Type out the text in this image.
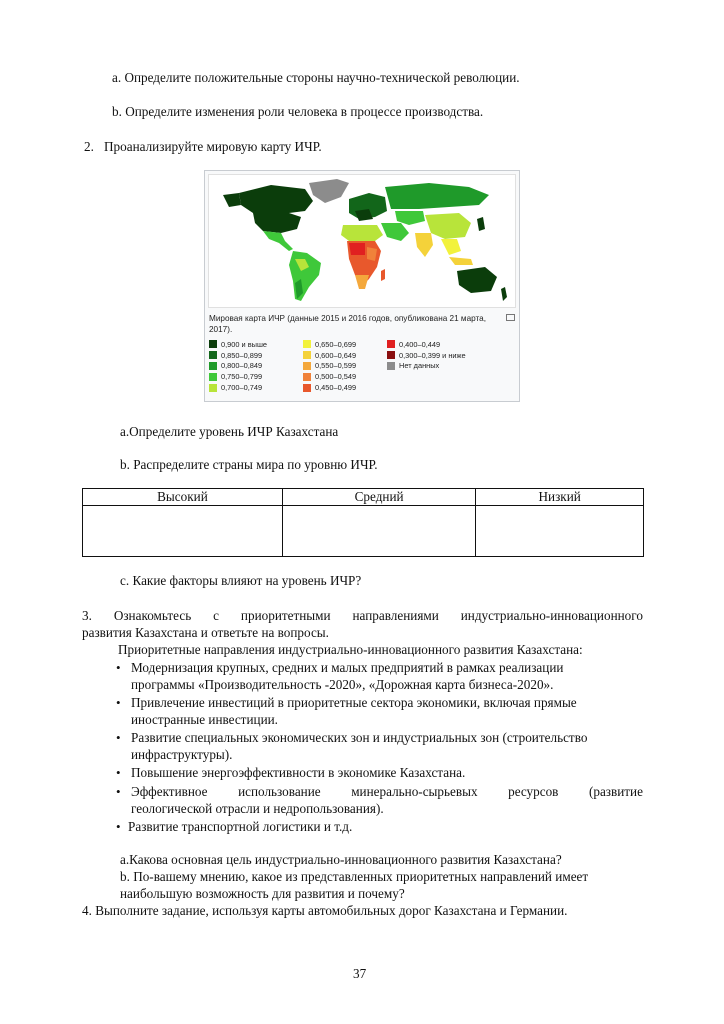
a. Определите положительные стороны научно-технической революции.
b. Определите изменения роли человека в процессе производства.
2. Проанализируйте мировую карту ИЧР.
Мировая карта ИЧР (данные 2015 и 2016 годов, опубликована 21 марта, 2017).
0,900 и выше
0,850–0,899
0,800–0,849
0,750–0,799
0,700–0,749
0,650–0,699
0,600–0,649
0,550–0,599
0,500–0,549
0,450–0,499
0,400–0,449
0,300–0,399 и ниже
Нет данных
a.Определите уровень ИЧР Казахстана
b. Распределите страны мира по уровню ИЧР.
Высокий	Средний	Низкий

c. Какие факторы влияют на уровень ИЧР?
3. Ознакомьтесь с приоритетными направлениями индустриально-инновационного
развития Казахстана и ответьте на вопросы.
Приоритетные направления индустриально-инновационного развития Казахстана:
• Модернизация крупных, средних и малых предприятий в рамках реализации
программы «Производительность -2020», «Дорожная карта бизнеса-2020».
• Привлечение инвестиций в приоритетные сектора экономики, включая прямые
иностранные инвестиции.
• Развитие специальных экономических зон и индустриальных зон (строительство
инфраструктуры).
• Повышение энергоэффективности в экономике Казахстана.
• Эффективное использование минерально-сырьевых ресурсов (развитие
геологической отрасли и недропользования).
• Развитие транспортной логистики и т.д.
a.Какова основная цель индустриально-инновационного развития Казахстана?
b. По-вашему мнению, какое из представленных приоритетных направлений имеет
наибольшую возможность для развития и почему?
4. Выполните задание, используя карты автомобильных дорог Казахстана и Германии.
37
